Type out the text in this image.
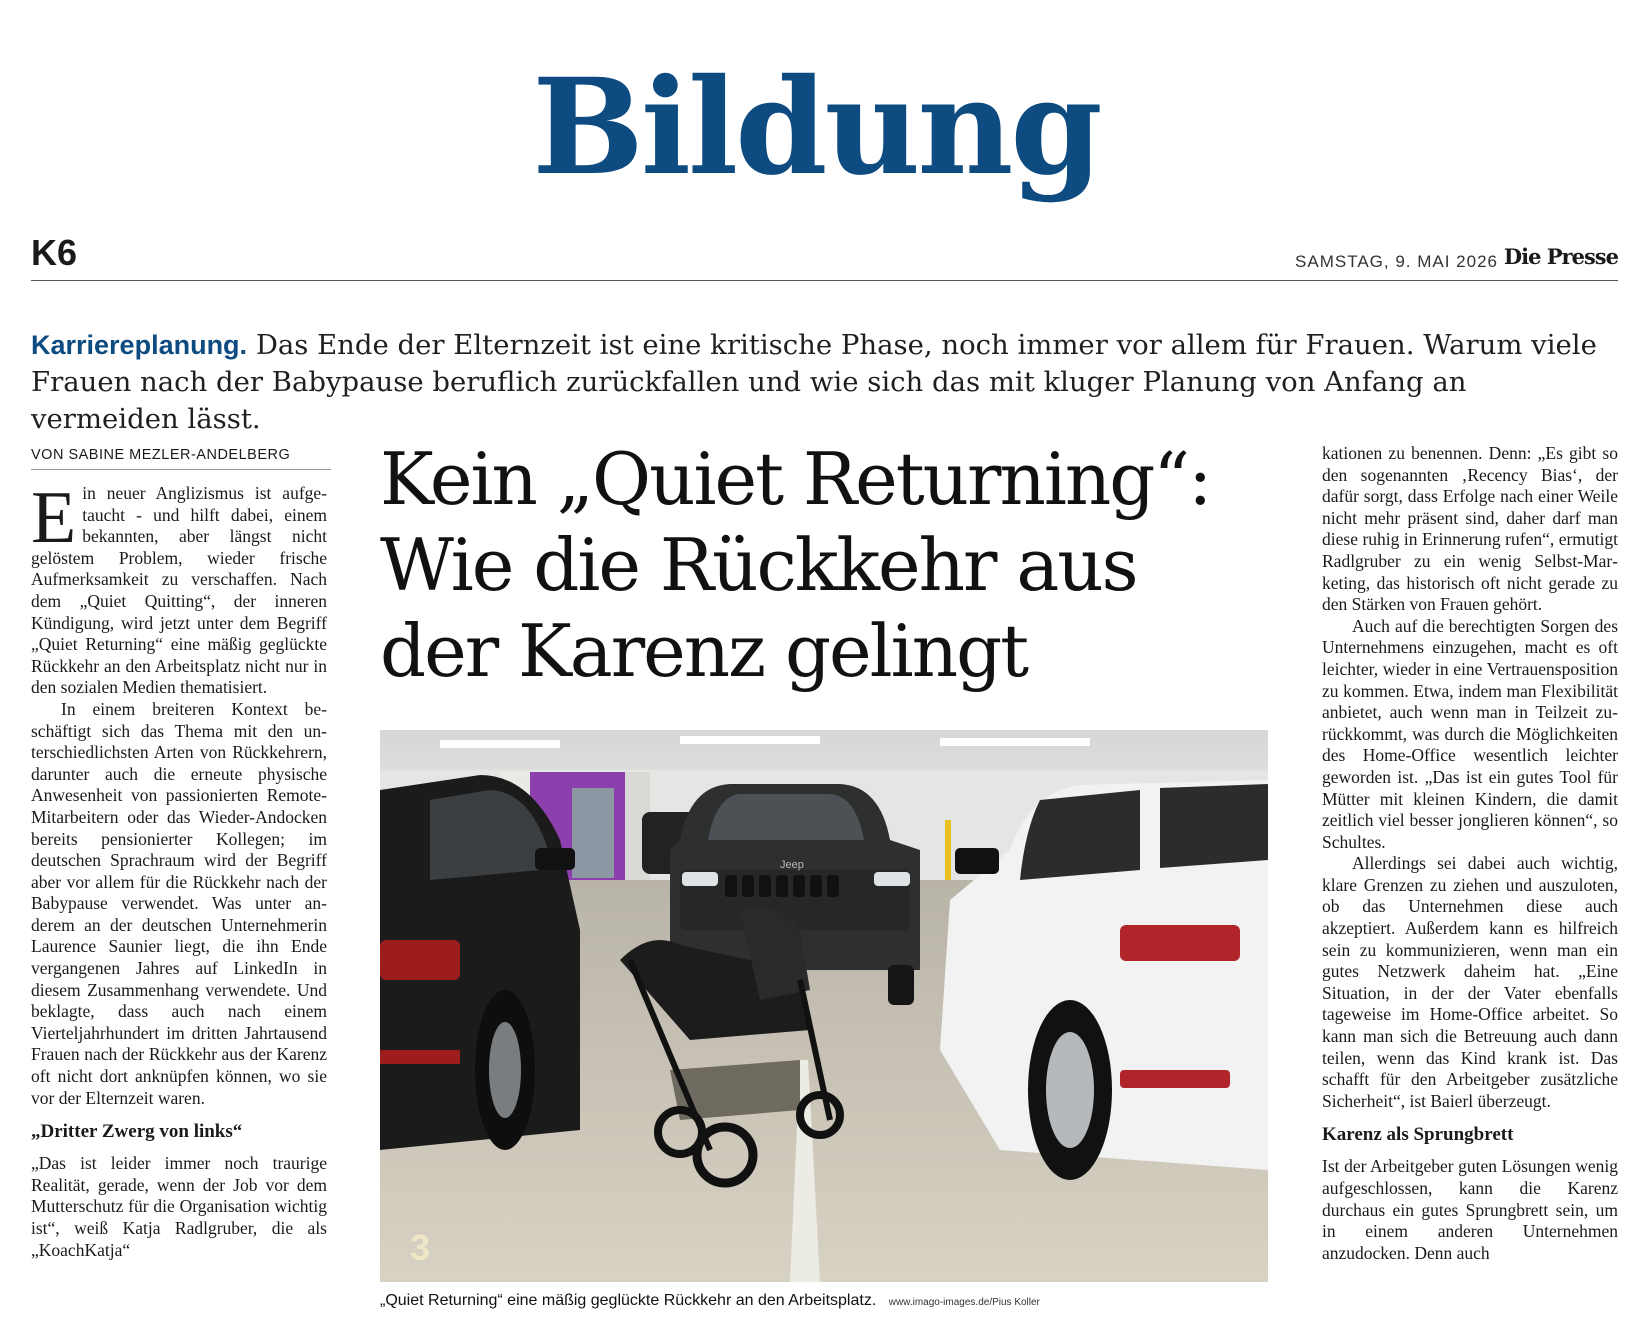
Bildung
K6	SAMSTAG, 9. MAI 2026 Die Presse
Karriereplanung. Das Ende der Elternzeit ist eine kritische Phase, noch immer vor allem für Frauen. Warum viele Frauen nach der Babypause beruflich zurückfallen und wie sich das mit kluger Planung von Anfang an vermeiden lässt.
VON SABINE MEZLER-ANDELBERG

Ein neuer Anglizismus ist aufgetaucht - und hilft dabei, einem bekannten, aber längst nicht gelöstem Problem, wieder frische Aufmerksamkeit zu verschaffen. Nach dem „Quiet Quitting“, der inneren Kündigung, wird jetzt unter dem Begriff „Quiet Returning“ eine mäßig geglückte Rückkehr an den Arbeitsplatz nicht nur in den sozialen Medien thematisiert.

In einem breiteren Kontext beschäftigt sich das Thema mit den unterschiedlichsten Arten von Rückkehrern, darunter auch die erneute physische Anwesenheit von passionierten Remote-Mitarbeitern oder das Wieder-Andocken bereits pensionierter Kollegen; im deutschen Sprachraum wird der Begriff aber vor allem für die Rückkehr nach der Babypause verwendet. Was unter anderem an der deutschen Unternehmerin Laurence Saunier liegt, die ihn Ende vergangenen Jahres auf LinkedIn in diesem Zusammenhang verwendete. Und beklagte, dass auch nach einem Vierteljahrhundert im dritten Jahrtausend Frauen nach der Rückkehr aus der Karenz oft nicht dort anknüpfen können, wo sie vor der Elternzeit waren.

„Dritter Zwerg von links“

„Das ist leider immer noch traurige Realität, gerade, wenn der Job vor dem Mutterschutz für die Organisation wichtig ist“, weiß Katja Radlgruber, die als „KoachKatja“

Kein „Quiet Returning“:
Wie die Rückkehr aus
der Karenz gelingt
3
Jeep
„Quiet Returning“ eine mäßig geglückte Rückkehr an den Arbeitsplatz. www.imago-images.de/Pius Koller

kationen zu benennen. Denn: „Es gibt so den sogenannten ‚Recency Bias‘, der dafür sorgt, dass Erfolge nach einer Weile nicht mehr präsent sind, daher darf man diese ruhig in Erinnerung rufen“, ermutigt Radlgruber zu ein wenig Selbst-Marketing, das historisch oft nicht gerade zu den Stärken von Frauen gehört.

Auch auf die berechtigten Sorgen des Unternehmens einzugehen, macht es oft leichter, wieder in eine Vertrauensposition zu kommen. Etwa, indem man Flexibilität anbietet, auch wenn man in Teilzeit zurückkommt, was durch die Möglichkeiten des Home-Office wesentlich leichter geworden ist. „Das ist ein gutes Tool für Mütter mit kleinen Kindern, die damit zeitlich viel besser jonglieren können“, so Schultes.

Allerdings sei dabei auch wichtig, klare Grenzen zu ziehen und auszuloten, ob das Unternehmen diese auch akzeptiert. Außerdem kann es hilfreich sein zu kommunizieren, wenn man ein gutes Netzwerk daheim hat. „Eine Situation, in der der Vater ebenfalls tageweise im Home-Office arbeitet. So kann man sich die Betreuung auch dann teilen, wenn das Kind krank ist. Das schafft für den Arbeitgeber zusätzliche Sicherheit“, ist Baierl überzeugt.

Karenz als Sprungbrett

Ist der Arbeitgeber guten Lösungen wenig aufgeschlossen, kann die Karenz durchaus ein gutes Sprungbrett sein, um in einem anderen Unternehmen anzudocken. Denn auch
